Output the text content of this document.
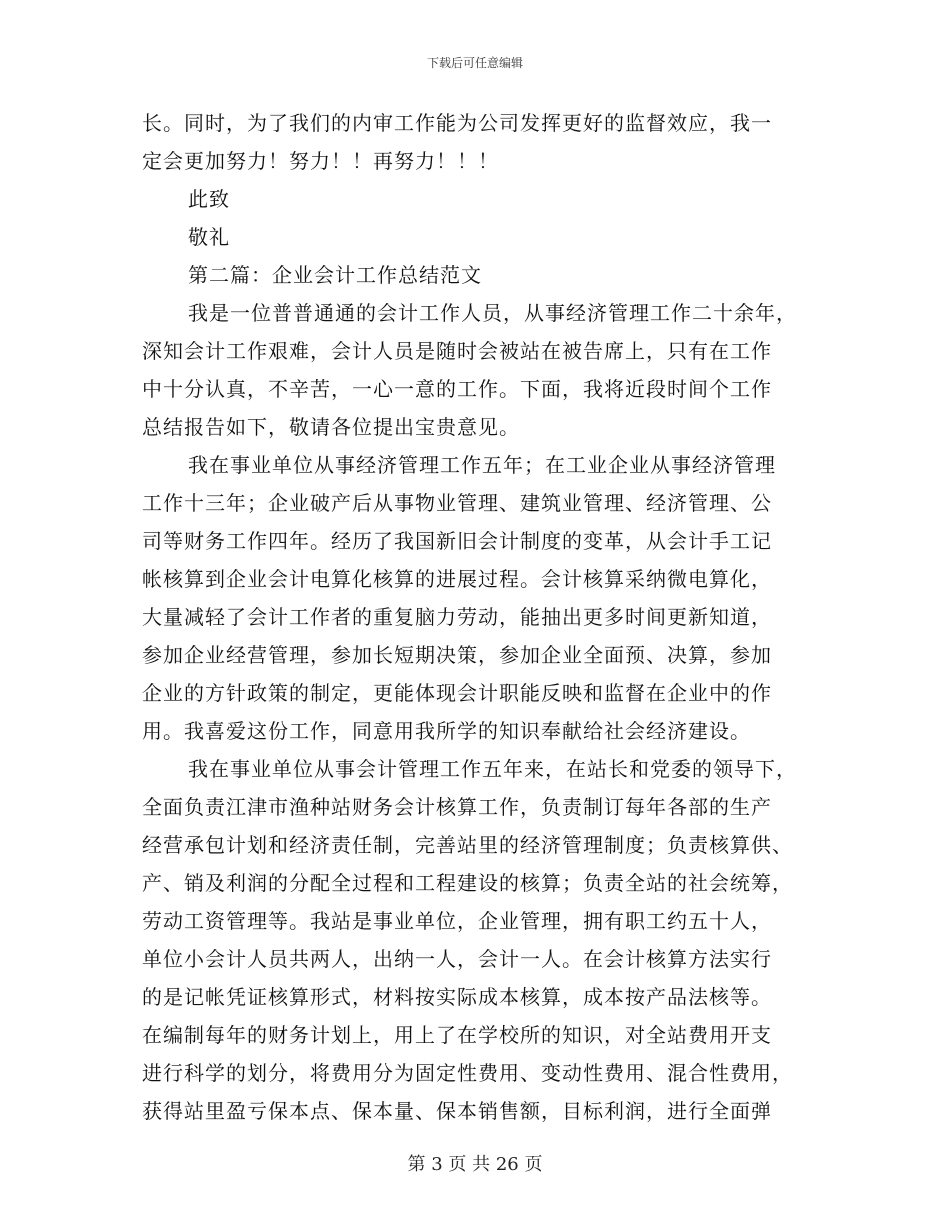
下载后可任意编辑
长。同时，为了我们的内审工作能为公司发挥更好的监督效应，我一
定会更加努力！努力！！再努力！！！
此致
敬礼
第二篇：企业会计工作总结范文
我是一位普普通通的会计工作人员，从事经济管理工作二十余年，
深知会计工作艰难，会计人员是随时会被站在被告席上，只有在工作
中十分认真，不辛苦，一心一意的工作。下面，我将近段时间个工作
总结报告如下，敬请各位提出宝贵意见。
我在事业单位从事经济管理工作五年；在工业企业从事经济管理
工作十三年；企业破产后从事物业管理、建筑业管理、经济管理、公
司等财务工作四年。经历了我国新旧会计制度的变革，从会计手工记
帐核算到企业会计电算化核算的进展过程。会计核算采纳微电算化，
大量减轻了会计工作者的重复脑力劳动，能抽出更多时间更新知道，
参加企业经营管理，参加长短期决策，参加企业全面预、决算，参加
企业的方针政策的制定，更能体现会计职能反映和监督在企业中的作
用。我喜爱这份工作，同意用我所学的知识奉献给社会经济建设。
我在事业单位从事会计管理工作五年来，在站长和党委的领导下，
全面负责江津市渔种站财务会计核算工作，负责制订每年各部的生产
经营承包计划和经济责任制，完善站里的经济管理制度；负责核算供、
产、销及利润的分配全过程和工程建设的核算；负责全站的社会统筹，
劳动工资管理等。我站是事业单位，企业管理，拥有职工约五十人，
单位小会计人员共两人，出纳一人，会计一人。在会计核算方法实行
的是记帐凭证核算形式，材料按实际成本核算，成本按产品法核等。
在编制每年的财务计划上，用上了在学校所的知识，对全站费用开支
进行科学的划分，将费用分为固定性费用、变动性费用、混合性费用，
获得站里盈亏保本点、保本量、保本销售额，目标利润，进行全面弹
第 3 页 共 26 页
